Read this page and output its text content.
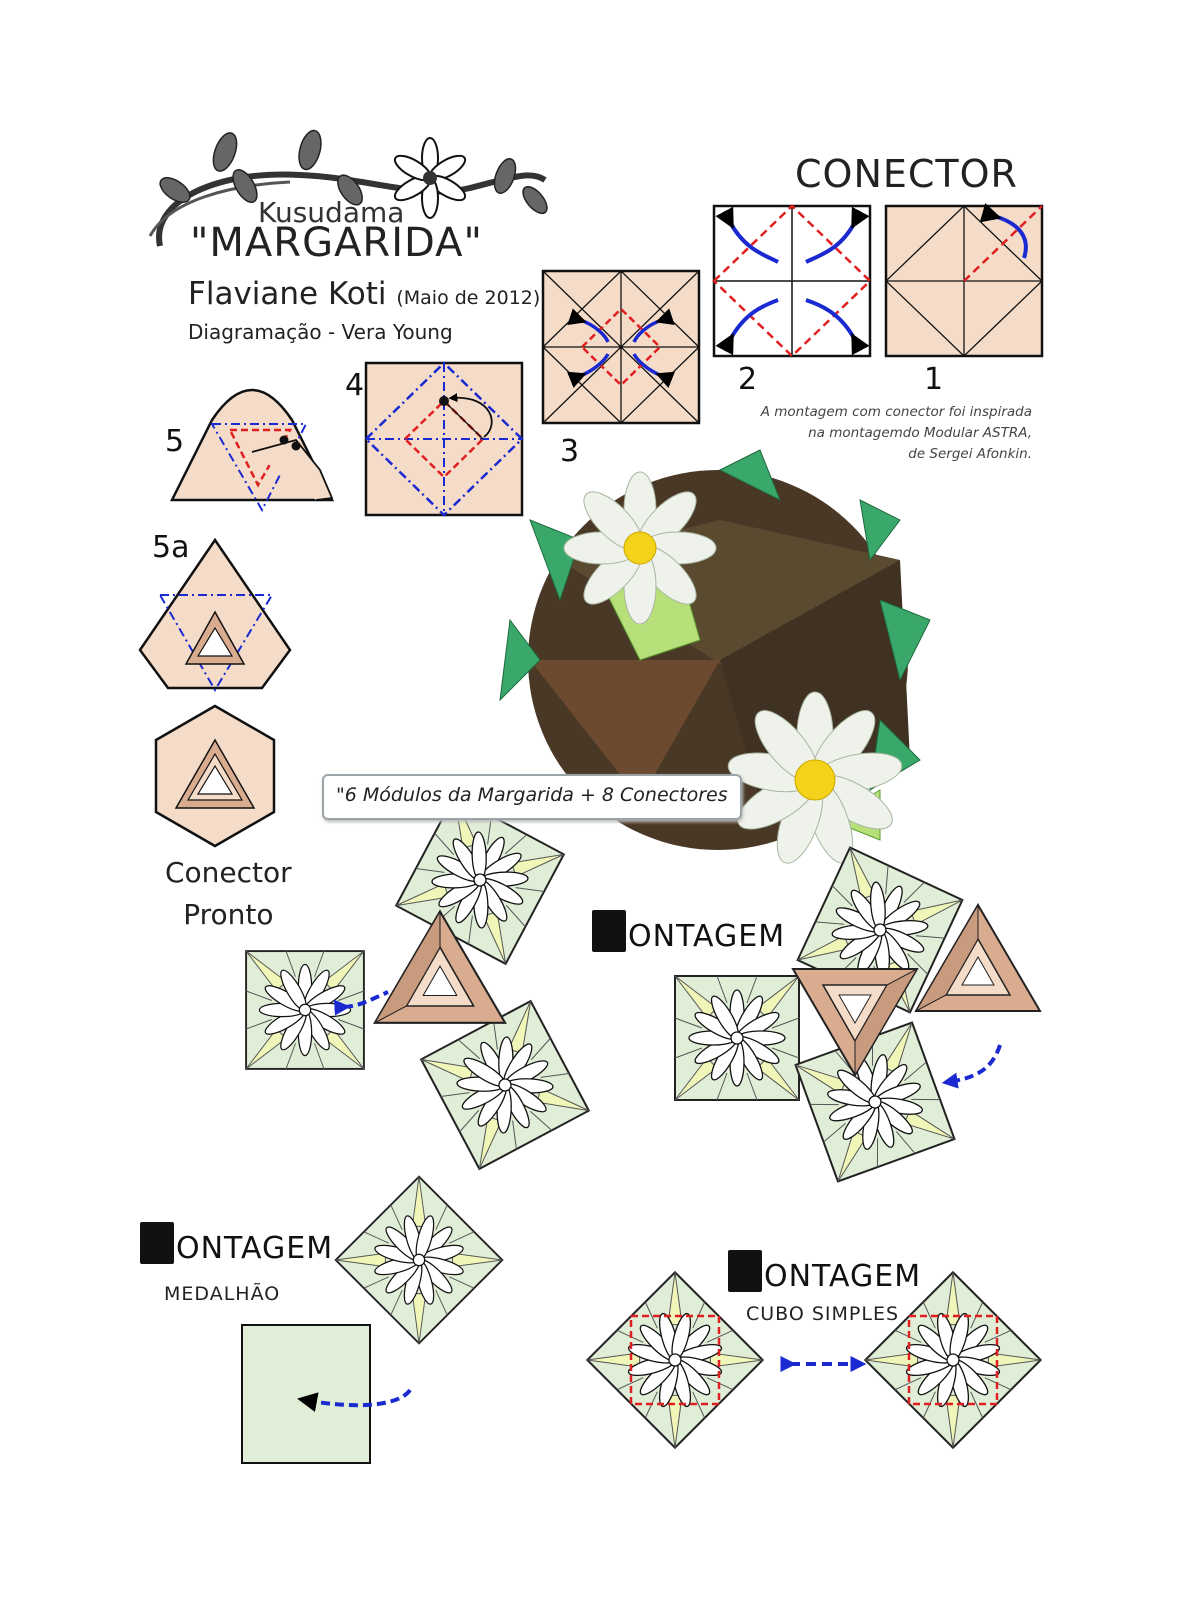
Kusudama
"MARGARIDA"
Flaviane Koti (Maio de 2012)
Diagramação - Vera Young
CONECTOR
A montagem com conector foi inspirada
na montagemdo Modular ASTRA,
de Sergei Afonkin.
1
2
3
4
5
5a
Conector
Pronto
"6 Módulos da Margarida + 8 Conectores
ONTAGEM
ONTAGEM
MEDALHÃO	ONTAGEM
CUBO SIMPLES
